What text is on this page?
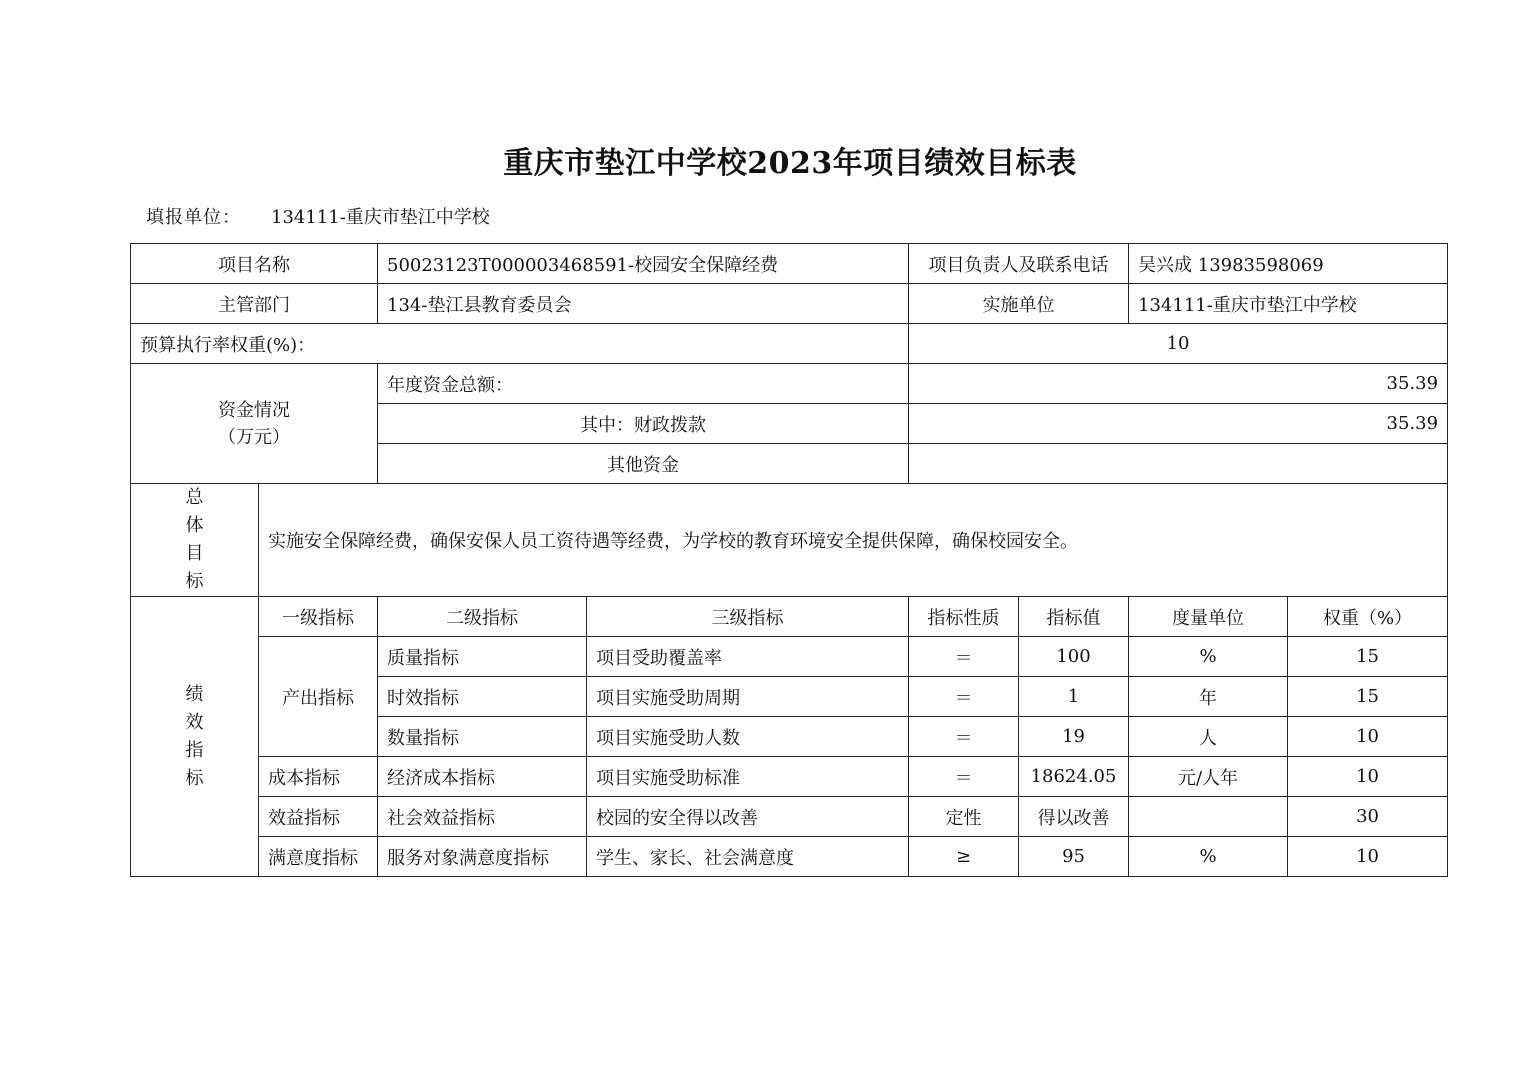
重庆市垫江中学校2023年项目绩效目标表
填报单位： 134111-重庆市垫江中学校
项目名称		50023123T000003468591-校园安全保障经费		项目负责人及联系电话		吴兴成 13983598069	
主管部门		134-垫江县教育委员会		实施单位		134111-重庆市垫江中学校	
预算执行率权重(%)：				10			
资金情况
（万元）		年度资金总额：		35.39			
		其中：财政拨款		35.39			
		其他资金					

总
体
目
标	实施安全保障经费，确保安保人员工资待遇等经费，为学校的教育环境安全提供保障，确保校园安全。						

绩
效
指
标	一级指标	二级指标	三级指标	指标性质	指标值	度量单位	权重（%）
	产出指标	质量指标	项目受助覆盖率	＝	100	%	15
		时效指标	项目实施受助周期	＝	1	年	15
		数量指标	项目实施受助人数	＝	19	人	10
	成本指标	经济成本指标	项目实施受助标准	＝	18624.05	元/人年	10
	效益指标	社会效益指标	校园的安全得以改善	定性	得以改善		30
	满意度指标	服务对象满意度指标	学生、家长、社会满意度	≥	95	%	10
